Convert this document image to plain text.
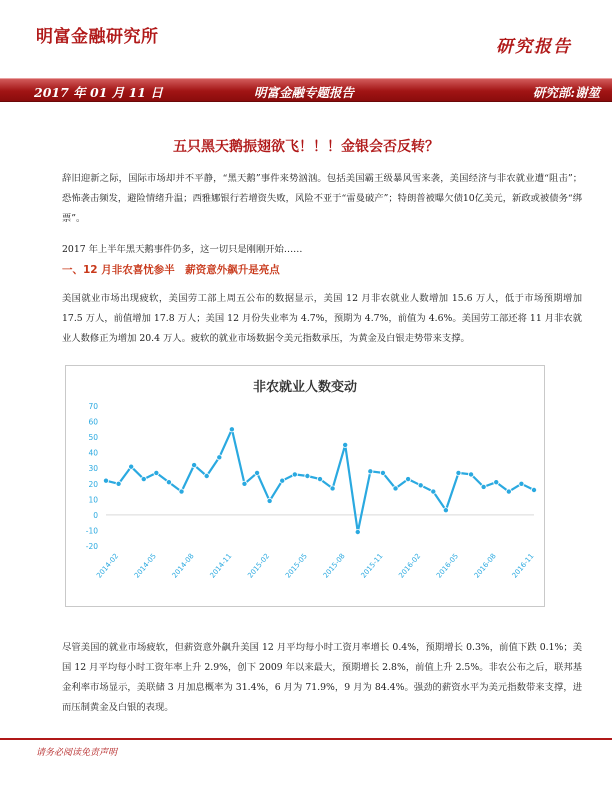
明富金融研究所	研究报告
2017 年 01 月 11 日	明富金融专题报告	研究部:谢堃
五只黑天鹅振翅欲飞！！！金银会否反转？
辞旧迎新之际，国际市场却并不平静，“黑天鹅”事件来势汹汹。包括美国霸王级暴风雪来袭，美国经济与非农就业遭“阻击”；恐怖袭击频发，避险情绪升温；西雅娜银行若增资失败，风险不亚于“雷曼破产”；特朗普被曝欠债10亿美元，新政或被债务“绑票”。
2017 年上半年黑天鹅事件仍多，这一切只是刚刚开始……
一、12 月非农喜忧参半　薪资意外飙升是亮点
美国就业市场出现疲软，美国劳工部上周五公布的数据显示，美国 12 月非农就业人数增加 15.6 万人，低于市场预期增加 17.5 万人，前值增加 17.8 万人；美国 12 月份失业率为 4.7%，预期为 4.7%，前值为 4.6%。美国劳工部还将 11 月非农就业人数修正为增加 20.4 万人。疲软的就业市场数据令美元指数承压，为黄金及白银走势带来支撑。
非农就业人数变动
-20
-10
0
10
20
30
40
50
60
70
2014-02 2014-05 2014-08 2014-11 2015-02 2015-05 2015-08 2015-11 2016-02 2016-05 2016-08 2016-11
尽管美国的就业市场疲软，但薪资意外飙升美国 12 月平均每小时工资月率增长 0.4%，预期增长 0.3%，前值下跌 0.1%；美国 12 月平均每小时工资年率上升 2.9%，创下 2009 年以来最大，预期增长 2.8%，前值上升 2.5%。非农公布之后，联邦基金利率市场显示，美联储 3 月加息概率为 31.4%，6 月为 71.9%，9 月为 84.4%。强劲的薪资水平为美元指数带来支撑，进而压制黄金及白银的表现。
请务必阅读免责声明
